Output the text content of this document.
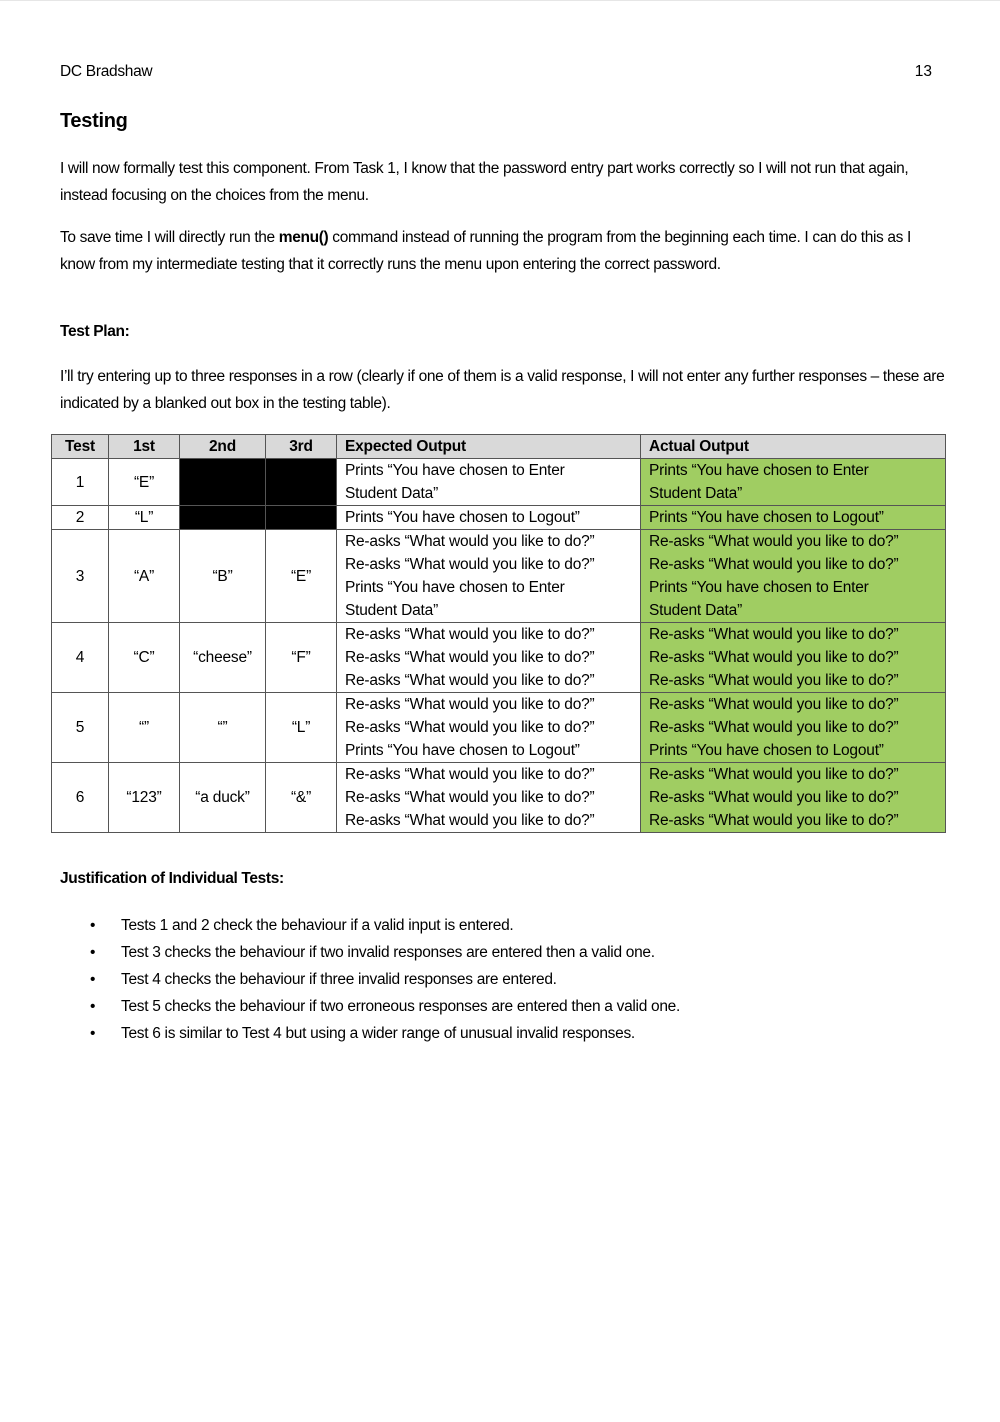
DC Bradshaw	13
Testing

I will now formally test this component. From Task 1, I know that the password entry part works correctly so I will not run that again, instead focusing on the choices from the menu.

To save time I will directly run the menu() command instead of running the program from the beginning each time. I can do this as I know from my intermediate testing that it correctly runs the menu upon entering the correct password.

Test Plan:

I’ll try entering up to three responses in a row (clearly if one of them is a valid response, I will not enter any further responses – these are indicated by a blanked out box in the testing table).

Test	1st	2nd	3rd	Expected Output	Actual Output
1	“E”			Prints “You have chosen to Enter
Student Data”	Prints “You have chosen to Enter
Student Data”

2	“L”			Prints “You have chosen to Logout”	Prints “You have chosen to Logout”

3	“A”	“B”	“E”	Re-asks “What would you like to do?”
Re-asks “What would you like to do?”
Prints “You have chosen to Enter
Student Data”	Re-asks “What would you like to do?”
Re-asks “What would you like to do?”
Prints “You have chosen to Enter
Student Data”

4	“C”	“cheese”	“F”	Re-asks “What would you like to do?”
Re-asks “What would you like to do?”
Re-asks “What would you like to do?”	Re-asks “What would you like to do?”
Re-asks “What would you like to do?”
Re-asks “What would you like to do?”

5	“”	“”	“L”	Re-asks “What would you like to do?”
Re-asks “What would you like to do?”
Prints “You have chosen to Logout”	Re-asks “What would you like to do?”
Re-asks “What would you like to do?”
Prints “You have chosen to Logout”

6	“123”	“a duck”	“&”	Re-asks “What would you like to do?”
Re-asks “What would you like to do?”
Re-asks “What would you like to do?”	Re-asks “What would you like to do?”
Re-asks “What would you like to do?”
Re-asks “What would you like to do?”

Justification of Individual Tests:

• Tests 1 and 2 check the behaviour if a valid input is entered.
• Test 3 checks the behaviour if two invalid responses are entered then a valid one.
• Test 4 checks the behaviour if three invalid responses are entered.
• Test 5 checks the behaviour if two erroneous responses are entered then a valid one.
• Test 6 is similar to Test 4 but using a wider range of unusual invalid responses.
